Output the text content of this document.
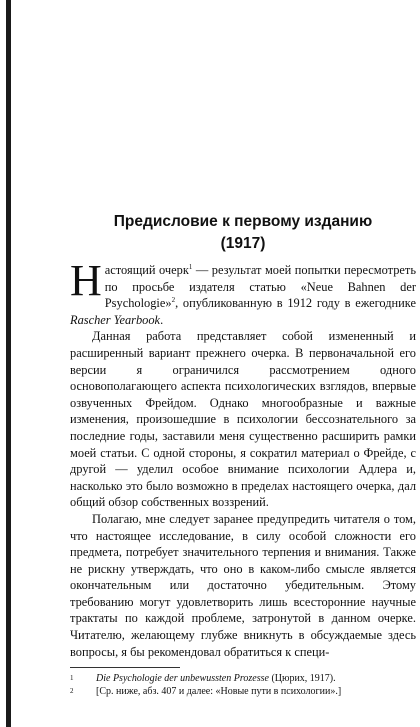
Предисловие к первому изданию
(1917)

Настоящий очерк$^1$ — результат моей попытки пересмотреть по просьбе издателя статью «Neue Bahnen der Psychologie»$^2$, опубликованную в 1912 году в ежегоднике Rascher Yearbook.

Данная работа представляет собой измененный и расширенный вариант прежнего очерка. В первоначальной его версии я ограничился рассмотрением одного основополагающего аспекта психологических взглядов, впервые озвученных Фрейдом. Однако многообразные и важные изменения, произошедшие в психологии бессознательного за последние годы, заставили меня существенно расширить рамки моей статьи. С одной стороны, я сократил материал о Фрейде, с другой — уделил особое внимание психологии Адлера и, насколько это было возможно в пределах настоящего очерка, дал общий обзор собственных воззрений.

Полагаю, мне следует заранее предупредить читателя о том, что настоящее исследование, в силу особой сложности его предмета, потребует значительного терпения и внимания. Также не рискну утверждать, что оно в каком-либо смысле является окончательным или достаточно убедительным. Этому требованию могут удовлетворить лишь всесторонние научные трактаты по каждой проблеме, затронутой в данном очерке. Читателю, желающему глубже вникнуть в обсуждаемые здесь вопросы, я бы рекомендовал обратиться к специ-

1	Die Psychologie der unbewussten Prozesse (Цюрих, 1917).
2	[Ср. ниже, абз. 407 и далее: «Новые пути в психологии».]
